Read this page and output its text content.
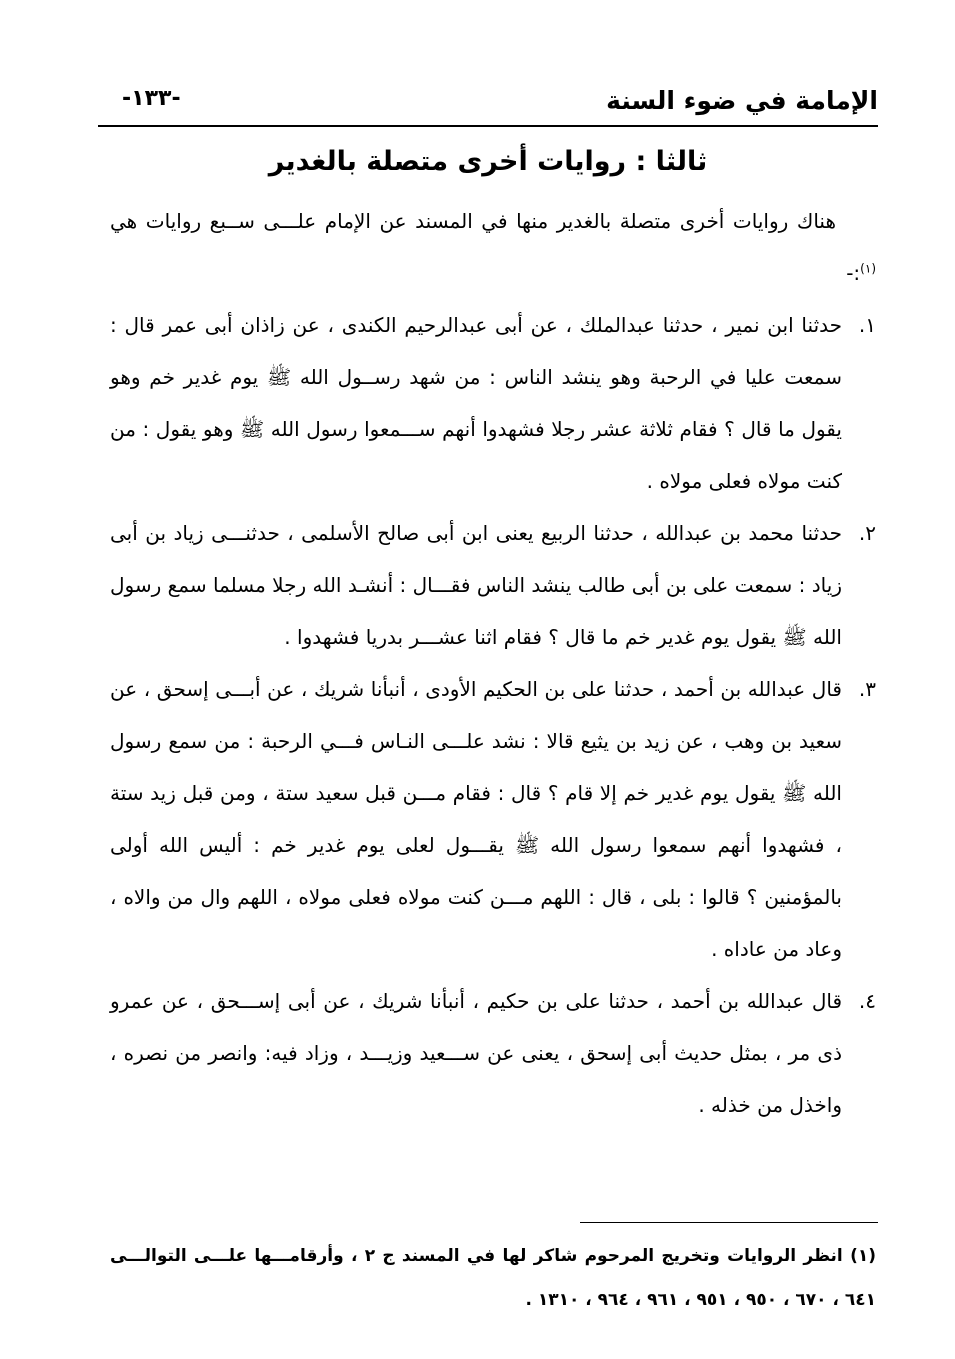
الإمامة في ضوء السنة
-١٣٣-
ثالثا : روايات أخرى متصلة بالغدير

هناك روايات أخرى متصلة بالغدير منها في المسند عن الإمام علـــى ســبع روايات هي $^{(١)}$:-

١.
حدثنا ابن نمير ، حدثنا عبدالملك ، عن أبى عبدالرحيم الكندى ، عن زاذان أبى عمر قال : سمعت عليا في الرحبة وهو ينشد الناس : من شهد رســول الله ﷺ يوم غدير خم وهو يقول ما قال ؟ فقام ثلاثة عشر رجلا فشهدوا أنهم ســـمعوا رسول الله ﷺ وهو يقول : من كنت مولاه فعلى مولاه .
٢.
حدثنا محمد بن عبدالله ، حدثنا الربيع يعنى ابن أبى صالح الأسلمى ، حدثنـــى زياد بن أبى زياد : سمعت على بن أبى طالب ينشد الناس فقـــال : أنشـد الله رجلا مسلما سمع رسول الله ﷺ يقول يوم غدير خم ما قال ؟ فقام اثنا عشـــر بدريا فشهدوا .
٣.
قال عبدالله بن أحمد ، حدثنا على بن الحكيم الأودى ، أنبأنا شريك ، عن أبـــى إسحق ، عن سعيد بن وهب ، عن زيد بن يثيع قالا : نشد علـــى النـاس فـــي الرحبة : من سمع رسول الله ﷺ يقول يوم غدير خم إلا قام ؟ قال : فقام مـــن قبل سعيد ستة ، ومن قبل زيد ستة ، فشهدوا أنهم سمعوا رسول الله ﷺ يقـــول لعلى يوم غدير خم : أليس الله أولى بالمؤمنين ؟ قالوا : بلى ، قال : اللهم مـــن كنت مولاه فعلى مولاه ، اللهم وال من والاه ، وعاد من عاداه .
٤.
قال عبدالله بن أحمد ، حدثنا على بن حكيم ، أنبأنا شريك ، عن أبى إســـحق ، عن عمرو ذى مر ، بمثل حديث أبى إسحق ، يعنى عن ســـعيد وزيـــد ، وزاد فيه: وانصر من نصره ، واخذل من خذله .
(١) انظر الروايات وتخريج المرحوم شاكر لها في المسند ج ٢ ، وأرقامـــها علـــى التوالـــى ٦٤١ ، ٦٧٠ ، ٩٥٠ ، ٩٥١ ، ٩٦١ ، ٩٦٤ ، ١٣١٠ .
